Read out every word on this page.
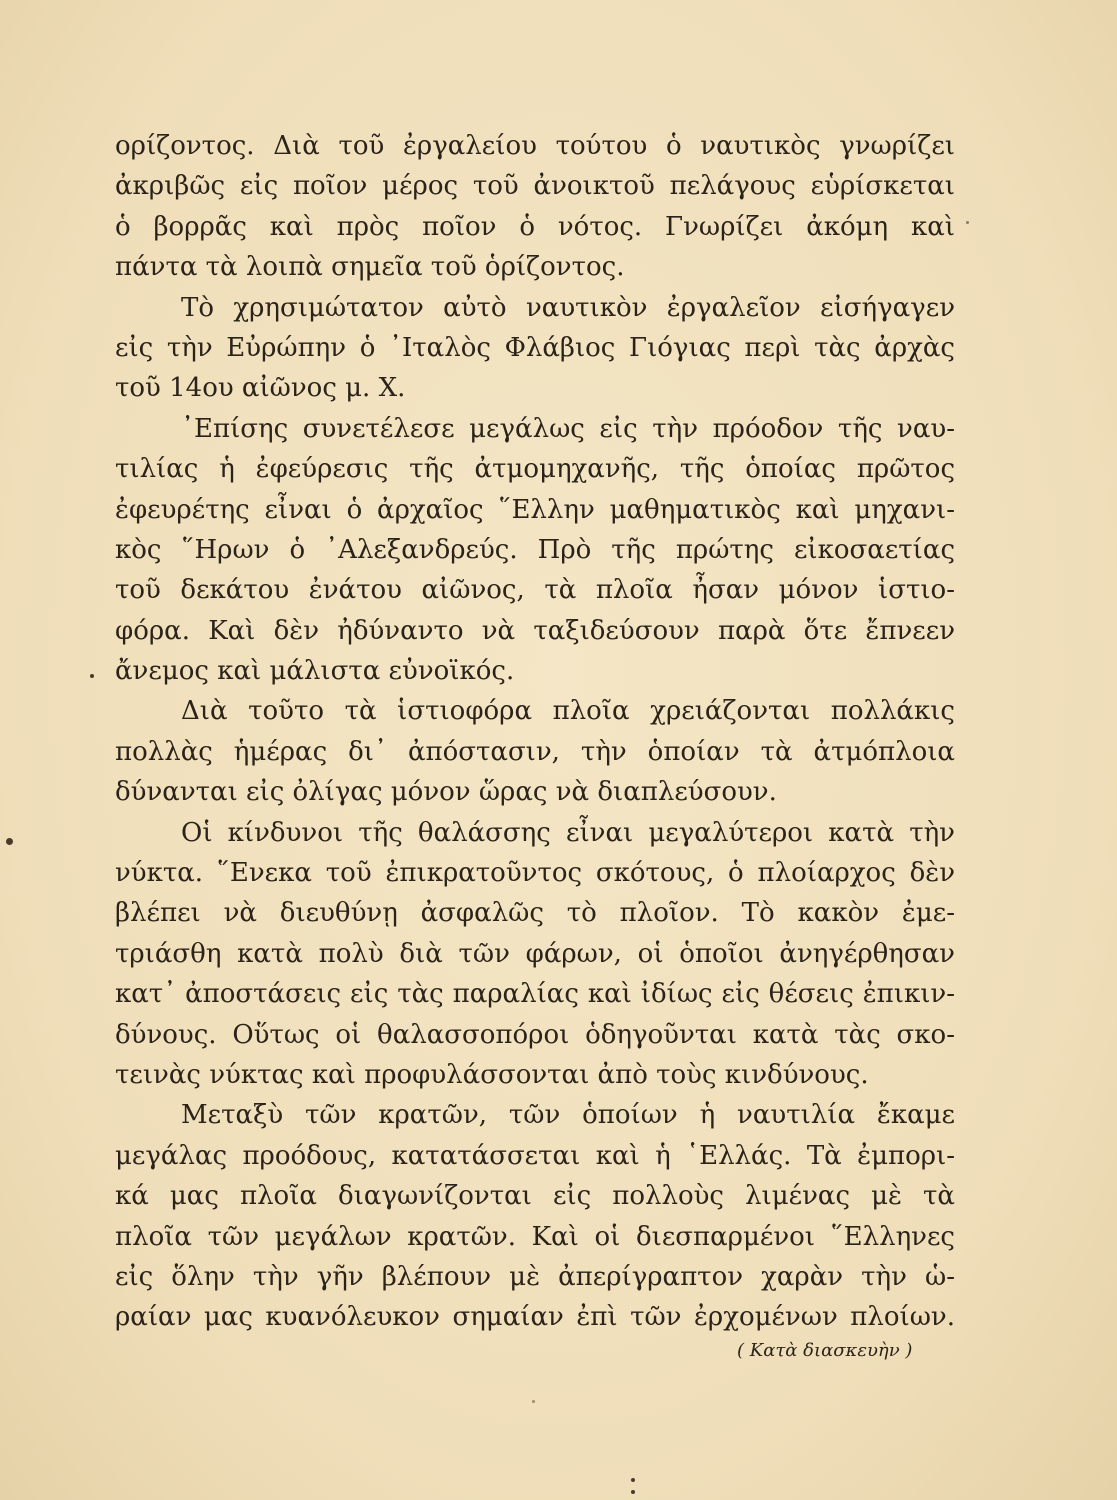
ορίζοντος. Διὰ τοῦ ἐργαλείου τούτου ὁ ναυτικὸς γνωρίζει
ἀκριβῶς εἰς ποῖον μέρος τοῦ ἀνοικτοῦ πελάγους εὑρίσκεται
ὁ βορρᾶς καὶ πρὸς ποῖον ὁ νότος. Γνωρίζει ἀκόμη καὶ
πάντα τὰ λοιπὰ σημεῖα τοῦ ὁρίζοντος.
Τὸ χρησιμώτατον αὐτὸ ναυτικὸν ἐργαλεῖον εἰσήγαγεν
εἰς τὴν Εὐρώπην ὁ ᾿Ιταλὸς Φλάβιος Γιόγιας περὶ τὰς ἀρχὰς
τοῦ 14ου αἰῶνος μ. Χ.
᾿Επίσης συνετέλεσε μεγάλως εἰς τὴν πρόοδον τῆς ναυ-
τιλίας ἡ ἐφεύρεσις τῆς ἀτμομηχανῆς, τῆς ὁποίας πρῶτος
ἐφευρέτης εἶναι ὁ ἀρχαῖος ῞Ελλην μαθηματικὸς καὶ μηχανι-
κὸς ῞Ηρων ὁ ᾿Αλεξανδρεύς. Πρὸ τῆς πρώτης εἰκοσαετίας
τοῦ δεκάτου ἐνάτου αἰῶνος, τὰ πλοῖα ἦσαν μόνον ἱστιο-
φόρα. Καὶ δὲν ἠδύναντο νὰ ταξιδεύσουν παρὰ ὅτε ἔπνεεν
ἄνεμος καὶ μάλιστα εὐνοϊκός.
Διὰ τοῦτο τὰ ἱστιοφόρα πλοῖα χρειάζονται πολλάκις
πολλὰς ἡμέρας δι᾿ ἀπόστασιν, τὴν ὁποίαν τὰ ἀτμόπλοια
δύνανται εἰς ὀλίγας μόνον ὥρας νὰ διαπλεύσουν.
Οἱ κίνδυνοι τῆς θαλάσσης εἶναι μεγαλύτεροι κατὰ τὴν
νύκτα. ῞Ενεκα τοῦ ἐπικρατοῦντος σκότους, ὁ πλοίαρχος δὲν
βλέπει νὰ διευθύνῃ ἀσφαλῶς τὸ πλοῖον. Τὸ κακὸν ἐμε-
τριάσθη κατὰ πολὺ διὰ τῶν φάρων, οἱ ὁποῖοι ἀνηγέρθησαν
κατ᾿ ἀποστάσεις εἰς τὰς παραλίας καὶ ἰδίως εἰς θέσεις ἐπικιν-
δύνους. Οὕτως οἱ θαλασσοπόροι ὁδηγοῦνται κατὰ τὰς σκο-
τεινὰς νύκτας καὶ προφυλάσσονται ἀπὸ τοὺς κινδύνους.
Μεταξὺ τῶν κρατῶν, τῶν ὁποίων ἡ ναυτιλία ἔκαμε
μεγάλας προόδους, κατατάσσεται καὶ ἡ ῾Ελλάς. Τὰ ἐμπορι-
κά μας πλοῖα διαγωνίζονται εἰς πολλοὺς λιμένας μὲ τὰ
πλοῖα τῶν μεγάλων κρατῶν. Καὶ οἱ διεσπαρμένοι ῞Ελληνες
εἰς ὅλην τὴν γῆν βλέπουν μὲ ἀπερίγραπτον χαρὰν τὴν ὡ-
ραίαν μας κυανόλευκον σημαίαν ἐπὶ τῶν ἐρχομένων πλοίων.
( Κατὰ διασκευὴν )
